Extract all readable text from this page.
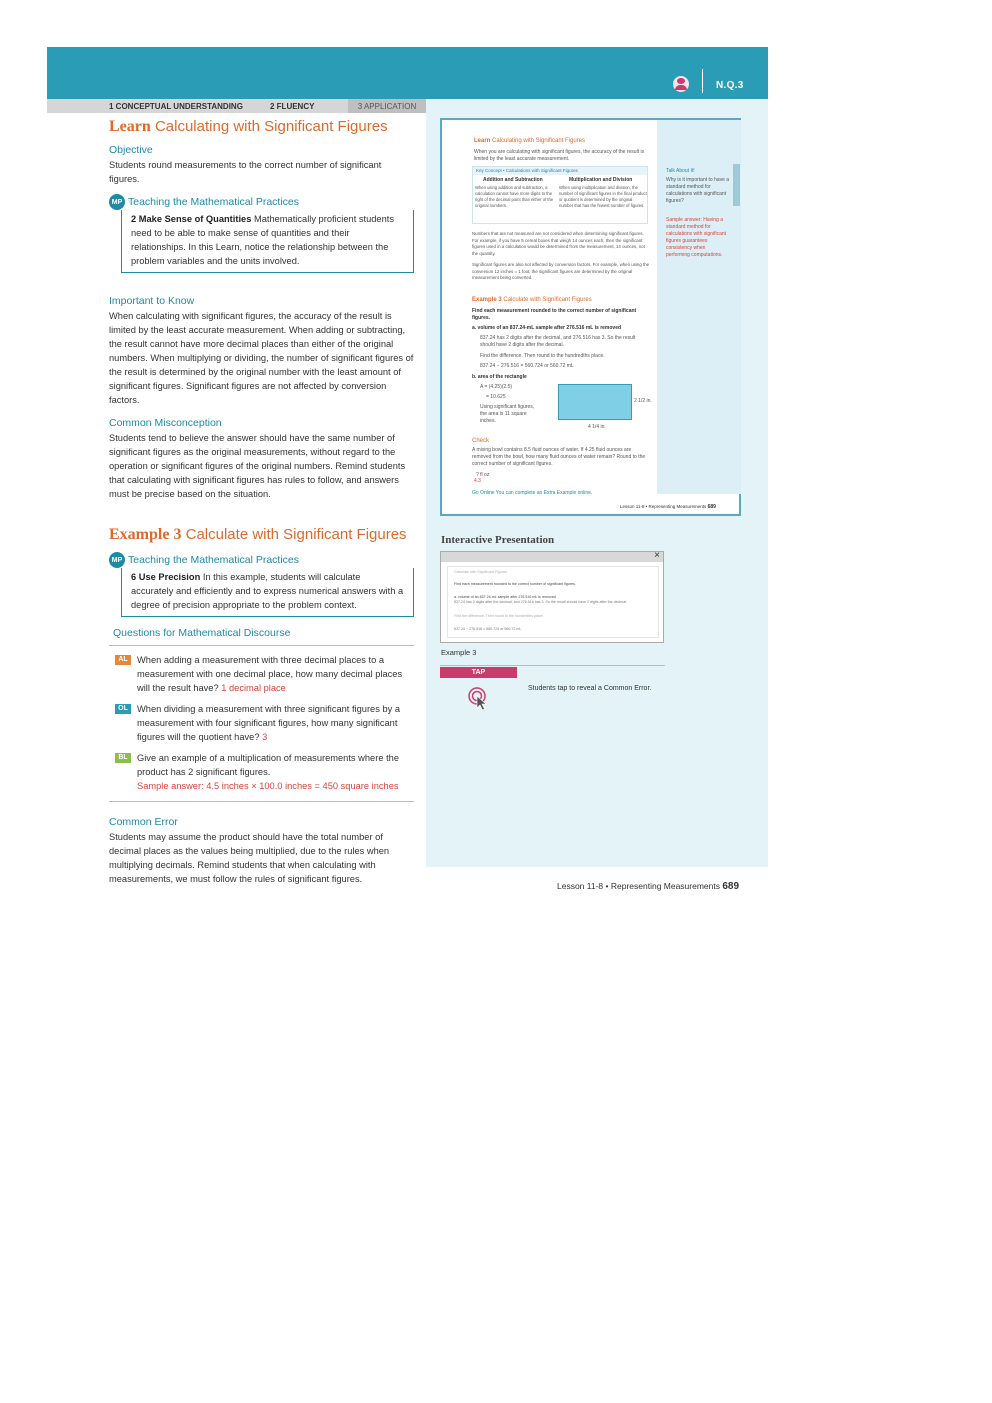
N.Q.3
1 CONCEPTUAL UNDERSTANDING	2 FLUENCY	3 APPLICATION
Learn Calculating with Significant Figures
Objective
Students round measurements to the correct number of significant figures.
MP Teaching the Mathematical Practices
2 Make Sense of Quantities Mathematically proficient students need to be able to make sense of quantities and their relationships. In this Learn, notice the relationship between the problem variables and the units involved.
Important to Know
When calculating with significant figures, the accuracy of the result is limited by the least accurate measurement. When adding or subtracting, the result cannot have more decimal places than either of the original numbers. When multiplying or dividing, the number of significant figures of the result is determined by the original number with the least amount of significant figures. Significant figures are not affected by conversion factors.
Common Misconception
Students tend to believe the answer should have the same number of significant figures as the original measurements, without regard to the operation or significant figures of the original numbers. Remind students that calculating with significant figures has rules to follow, and answers must be precise based on the situation.
Example 3 Calculate with Significant Figures
MP Teaching the Mathematical Practices
6 Use Precision In this example, students will calculate accurately and efficiently and to express numerical answers with a degree of precision appropriate to the problem context.
Questions for Mathematical Discourse
AL	When adding a measurement with three decimal places to a measurement with one decimal place, how many decimal places will the result have? 1 decimal place
OL When dividing a measurement with three significant figures by a measurement with four significant figures, how many significant figures will the quotient have? 3
BL	Give an example of a multiplication of measurements where the product has 2 significant figures.
Sample answer: 4.5 inches × 100.0 inches = 450 square inches
Common Error
Students may assume the product should have the total number of decimal places as the values being multiplied, due to the rules when multiplying decimals. Remind students that when calculating with measurements, we must follow the rules of significant figures.
Learn Calculating with Significant Figures
When you are calculating with significant figures, the accuracy of the result is limited by the least accurate measurement.
Key Concept • Calculations with Significant Figures
Addition and Subtraction	Multiplication and Division
When using addition and subtraction, a calculation cannot have more digits to the right of the decimal point than either of the original numbers.
When using multiplication and division, the number of significant figures in the final product or quotient is determined by the original number that has the fewest number of figures.
Numbers that are not measured are not considered when determining significant figures. For example, if you have 5 cereal boxes that weigh 14 ounces each, then the significant figures used in a calculation would be determined from the measurement, 14 ounces, not the quantity.
Significant figures are also not affected by conversion factors. For example, when using the conversion 12 inches = 1 foot, the significant figures are determined by the original measurement being converted.
Example 3 Calculate with Significant Figures
Find each measurement rounded to the correct number of significant figures.
a. volume of an 837.24-mL sample after 276.516 mL is removed
837.24 has 2 digits after the decimal, and 276.516 has 3. So the result should have 2 digits after the decimal.
Find the difference. Then round to the hundredths place.
837.24 − 276.516 = 560.724 or 560.72 mL
b. area of the rectangle
A = (4.25)(2.5)
= 10.625
Using significant figures, the area is 11 square inches.
2 1/2 in.
4 1/4 in.
Check
A mixing bowl contains 8.5 fluid ounces of water. If 4.25 fluid ounces are removed from the bowl, how many fluid ounces of water remain? Round to the correct number of significant figures.
? fl oz
4.3
Go Online You can complete an Extra Example online.
Talk About It!
Why is it important to have a standard method for calculations with significant figures?
Sample answer: Having a standard method for calculations with significant figures guarantees consistency when performing computations.
Lesson 11-8 • Representing Measurements 689
Interactive Presentation
×
Calculate with Significant Figures
Find each measurement rounded to the correct number of significant figures.
a. volume of an 837.24-mL sample after 276.516 mL is removed
837.24 has 2 digits after the decimal, and 276.516 has 3. So the result should have 2 digits after the decimal.
Find the difference. Then round to the hundredths place.
837.24 − 276.516 = 560.724 or 560.72 mL
Example 3
TAP
Students tap to reveal a Common Error.
Lesson 11-8 • Representing Measurements 689
